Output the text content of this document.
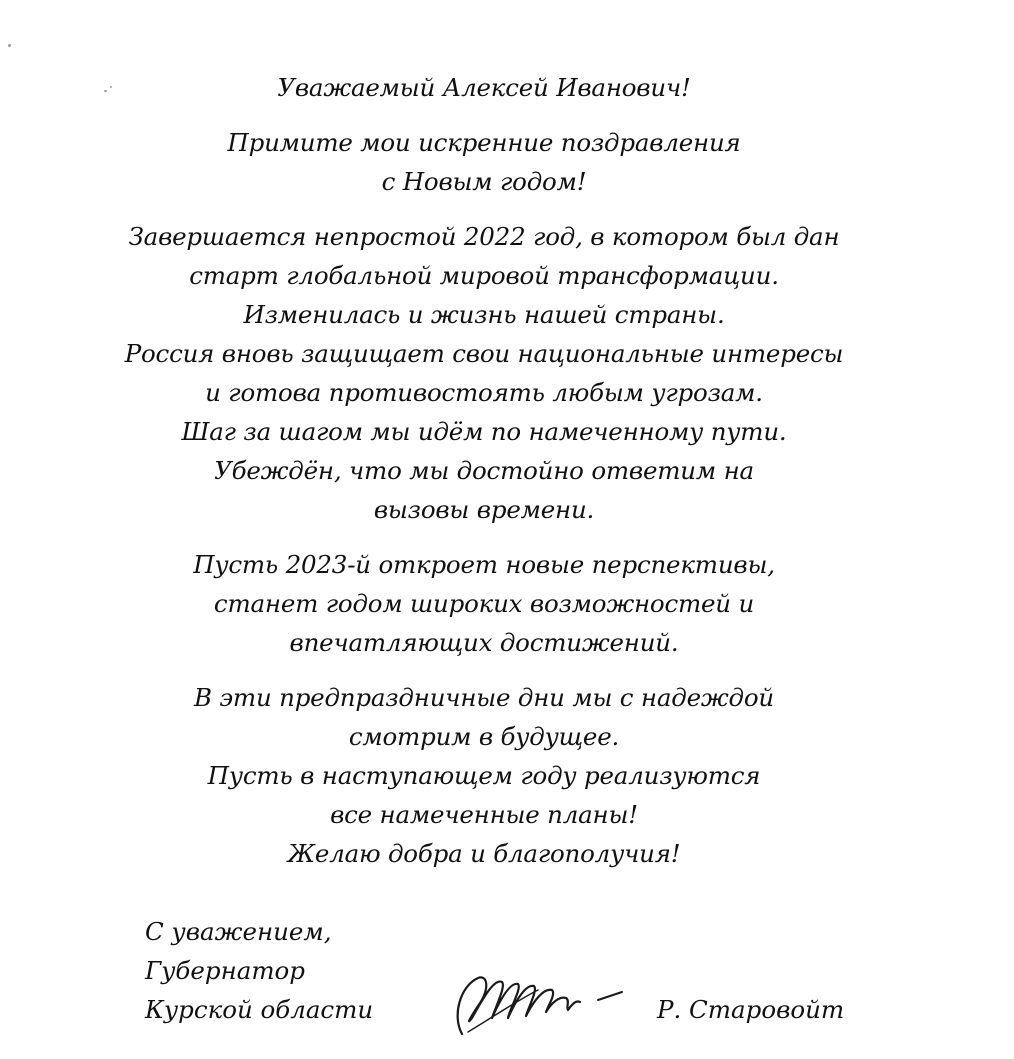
Уважаемый Алексей Иванович!
Примите мои искренние поздравления
с Новым годом!
Завершается непростой 2022 год, в котором был дан
старт глобальной мировой трансформации.
Изменилась и жизнь нашей страны.
Россия вновь защищает свои национальные интересы
и готова противостоять любым угрозам.
Шаг за шагом мы идём по намеченному пути.
Убеждён, что мы достойно ответим на
вызовы времени.
Пусть 2023-й откроет новые перспективы,
станет годом широких возможностей и
впечатляющих достижений.
В эти предпраздничные дни мы с надеждой
смотрим в будущее.
Пусть в наступающем году реализуются
все намеченные планы!
Желаю добра и благополучия!
С уважением,
Губернатор
Курской области	Р. Старовойт
